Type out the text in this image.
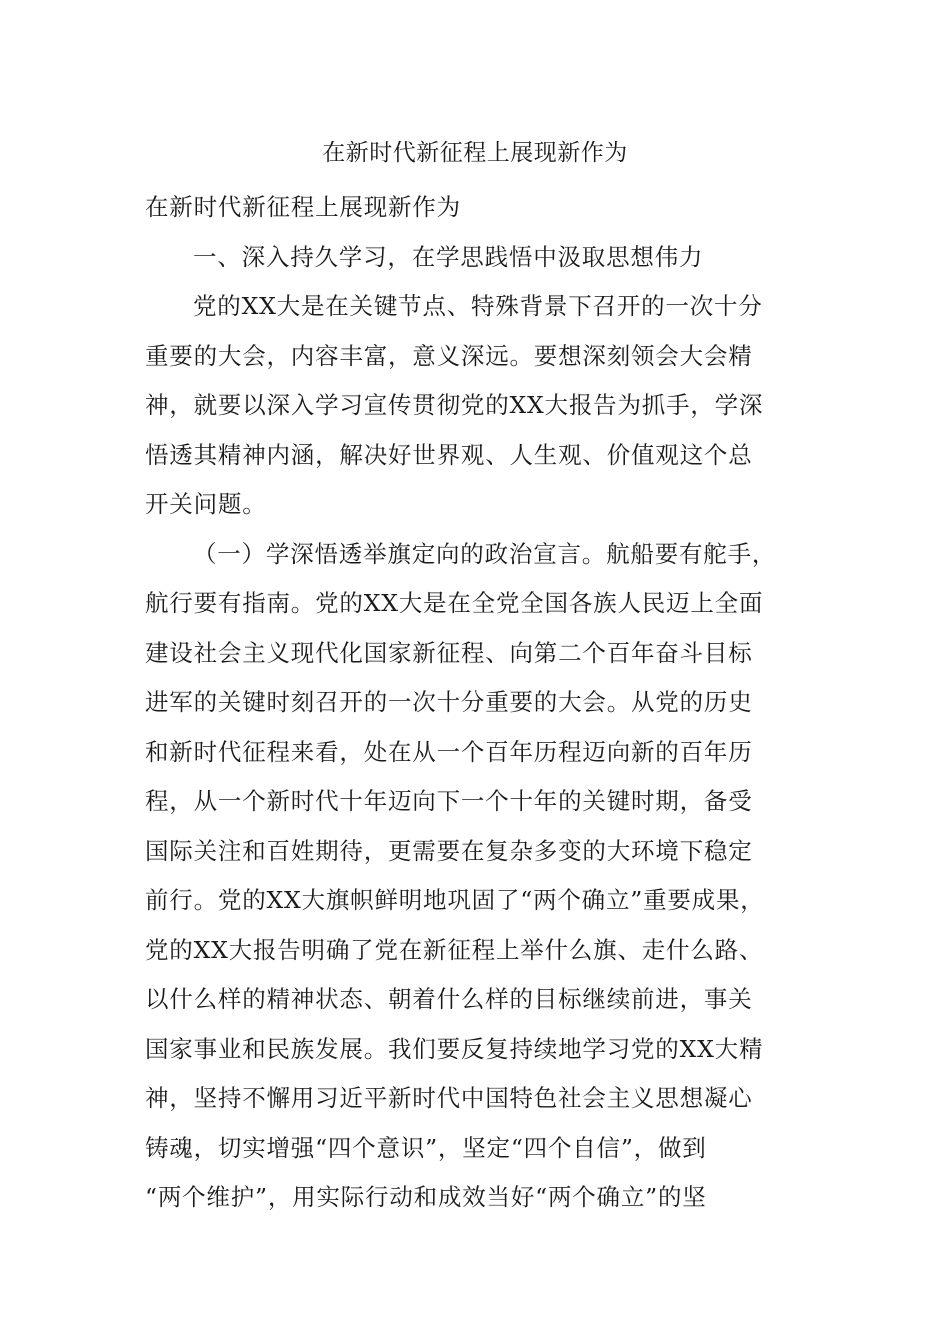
在新时代新征程上展现新作为
在新时代新征程上展现新作为
一、深入持久学习，在学思践悟中汲取思想伟力
党的XX大是在关键节点、特殊背景下召开的一次十分
重要的大会，内容丰富，意义深远。要想深刻领会大会精
神，就要以深入学习宣传贯彻党的XX大报告为抓手，学深
悟透其精神内涵，解决好世界观、人生观、价值观这个总
开关问题。
（一）学深悟透举旗定向的政治宣言。航船要有舵手，
航行要有指南。党的XX大是在全党全国各族人民迈上全面
建设社会主义现代化国家新征程、向第二个百年奋斗目标
进军的关键时刻召开的一次十分重要的大会。从党的历史
和新时代征程来看，处在从一个百年历程迈向新的百年历
程，从一个新时代十年迈向下一个十年的关键时期，备受
国际关注和百姓期待，更需要在复杂多变的大环境下稳定
前行。党的XX大旗帜鲜明地巩固了“两个确立”重要成果，
党的XX大报告明确了党在新征程上举什么旗、走什么路、
以什么样的精神状态、朝着什么样的目标继续前进，事关
国家事业和民族发展。我们要反复持续地学习党的XX大精
神，坚持不懈用习近平新时代中国特色社会主义思想凝心
铸魂，切实增强“四个意识”，坚定“四个自信”，做到
“两个维护”，用实际行动和成效当好“两个确立”的坚
